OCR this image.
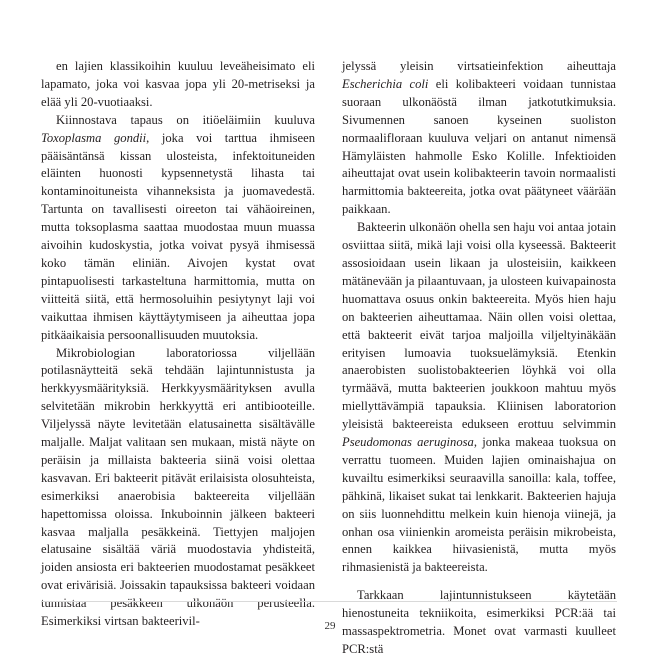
en lajien klassikoihin kuuluu leveäheisimato eli lapamato, joka voi kasvaa jopa yli 20-metriseksi ja elää yli 20-vuotiaaksi.

Kiinnostava tapaus on itiöeläimiin kuuluva Toxoplasma gondii, joka voi tarttua ihmiseen pääisäntänsä kissan ulosteista, infektoituneiden eläinten huonosti kypsennetystä lihasta tai kontaminoituneista vihanneksista ja juomavedestä. Tartunta on tavallisesti oireeton tai vähäoireinen, mutta toksoplasma saattaa muodostaa muun muassa aivoihin kudoskystia, jotka voivat pysyä ihmisessä koko tämän eliniän. Aivojen kystat ovat pintapuolisesti tarkasteltuna harmittomia, mutta on viitteitä siitä, että hermosoluihin pesiytynyt laji voi vaikuttaa ihmisen käyttäytymiseen ja aiheuttaa jopa pitkäaikaisia persoonallisuuden muutoksia.

Mikrobiologian laboratoriossa viljellään potilasnäytteitä sekä tehdään lajintunnistusta ja herkkyysmäärityksiä. Herkkyysmäärityksen avulla selvitetään mikrobin herkkyyttä eri antibiooteille. Viljelyssä näyte levitetään elatusainetta sisältävälle maljalle. Maljat valitaan sen mukaan, mistä näyte on peräisin ja millaista bakteeria siinä voisi olettaa kasvavan. Eri bakteerit pitävät erilaisista olosuhteista, esimerkiksi anaerobisia bakteereita viljellään hapettomissa oloissa. Inkuboinnin jälkeen bakteeri kasvaa maljalla pesäkkeinä. Tiettyjen maljojen elatusaine sisältää väriä muodostavia yhdisteitä, joiden ansiosta eri bakteerien muodostamat pesäkkeet ovat erivärisiä. Joissakin tapauksissa bakteeri voidaan tunnistaa pesäkkeen ulkonäön perusteella. Esimerkiksi virtsan bakteerivil-

jelyssä yleisin virtsatieinfektion aiheuttaja Escherichia coli eli kolibakteeri voidaan tunnistaa suoraan ulkonäöstä ilman jatkotutkimuksia. Sivumennen sanoen kyseinen suoliston normaalifloraan kuuluva veljari on antanut nimensä Hämyläisten hahmolle Esko Kolille. Infektioiden aiheuttajat ovat usein kolibakteerin tavoin normaalisti harmittomia bakteereita, jotka ovat päätyneet väärään paikkaan.

Bakteerin ulkonäön ohella sen haju voi antaa jotain osviittaa siitä, mikä laji voisi olla kyseessä. Bakteerit assosioidaan usein likaan ja ulosteisiin, kaikkeen mätänevään ja pilaantuvaan, ja ulosteen kuivapainosta huomattava osuus onkin bakteereita. Myös hien haju on bakteerien aiheuttamaa. Näin ollen voisi olettaa, että bakteerit eivät tarjoa maljoilla viljeltyinäkään erityisen lumoavia tuoksuelämyksiä. Etenkin anaerobisten suolistobakteerien löyhkä voi olla tyrmäävä, mutta bakteerien joukkoon mahtuu myös miellyttävämpiä tapauksia. Kliinisen laboratorion yleisistä bakteereista edukseen erottuu selvimmin Pseudomonas aeruginosa, jonka makeaa tuoksua on verrattu tuomeen. Muiden lajien ominaishajua on kuvailtu esimerkiksi seuraavilla sanoilla: kala, toffee, pähkinä, likaiset sukat tai lenkkarit. Bakteerien hajuja on siis luonnehdittu melkein kuin hienoja viinejä, ja onhan osa viinienkin aromeista peräisin mikrobeista, ennen kaikkea hiivasienistä, mutta myös rihmasienistä ja bakteereista.

Tarkkaan lajintunnistukseen käytetään hienostuneita tekniikoita, esimerkiksi PCR:ää tai massaspektrometria. Monet ovat varmasti kuulleet PCR:stä

29
